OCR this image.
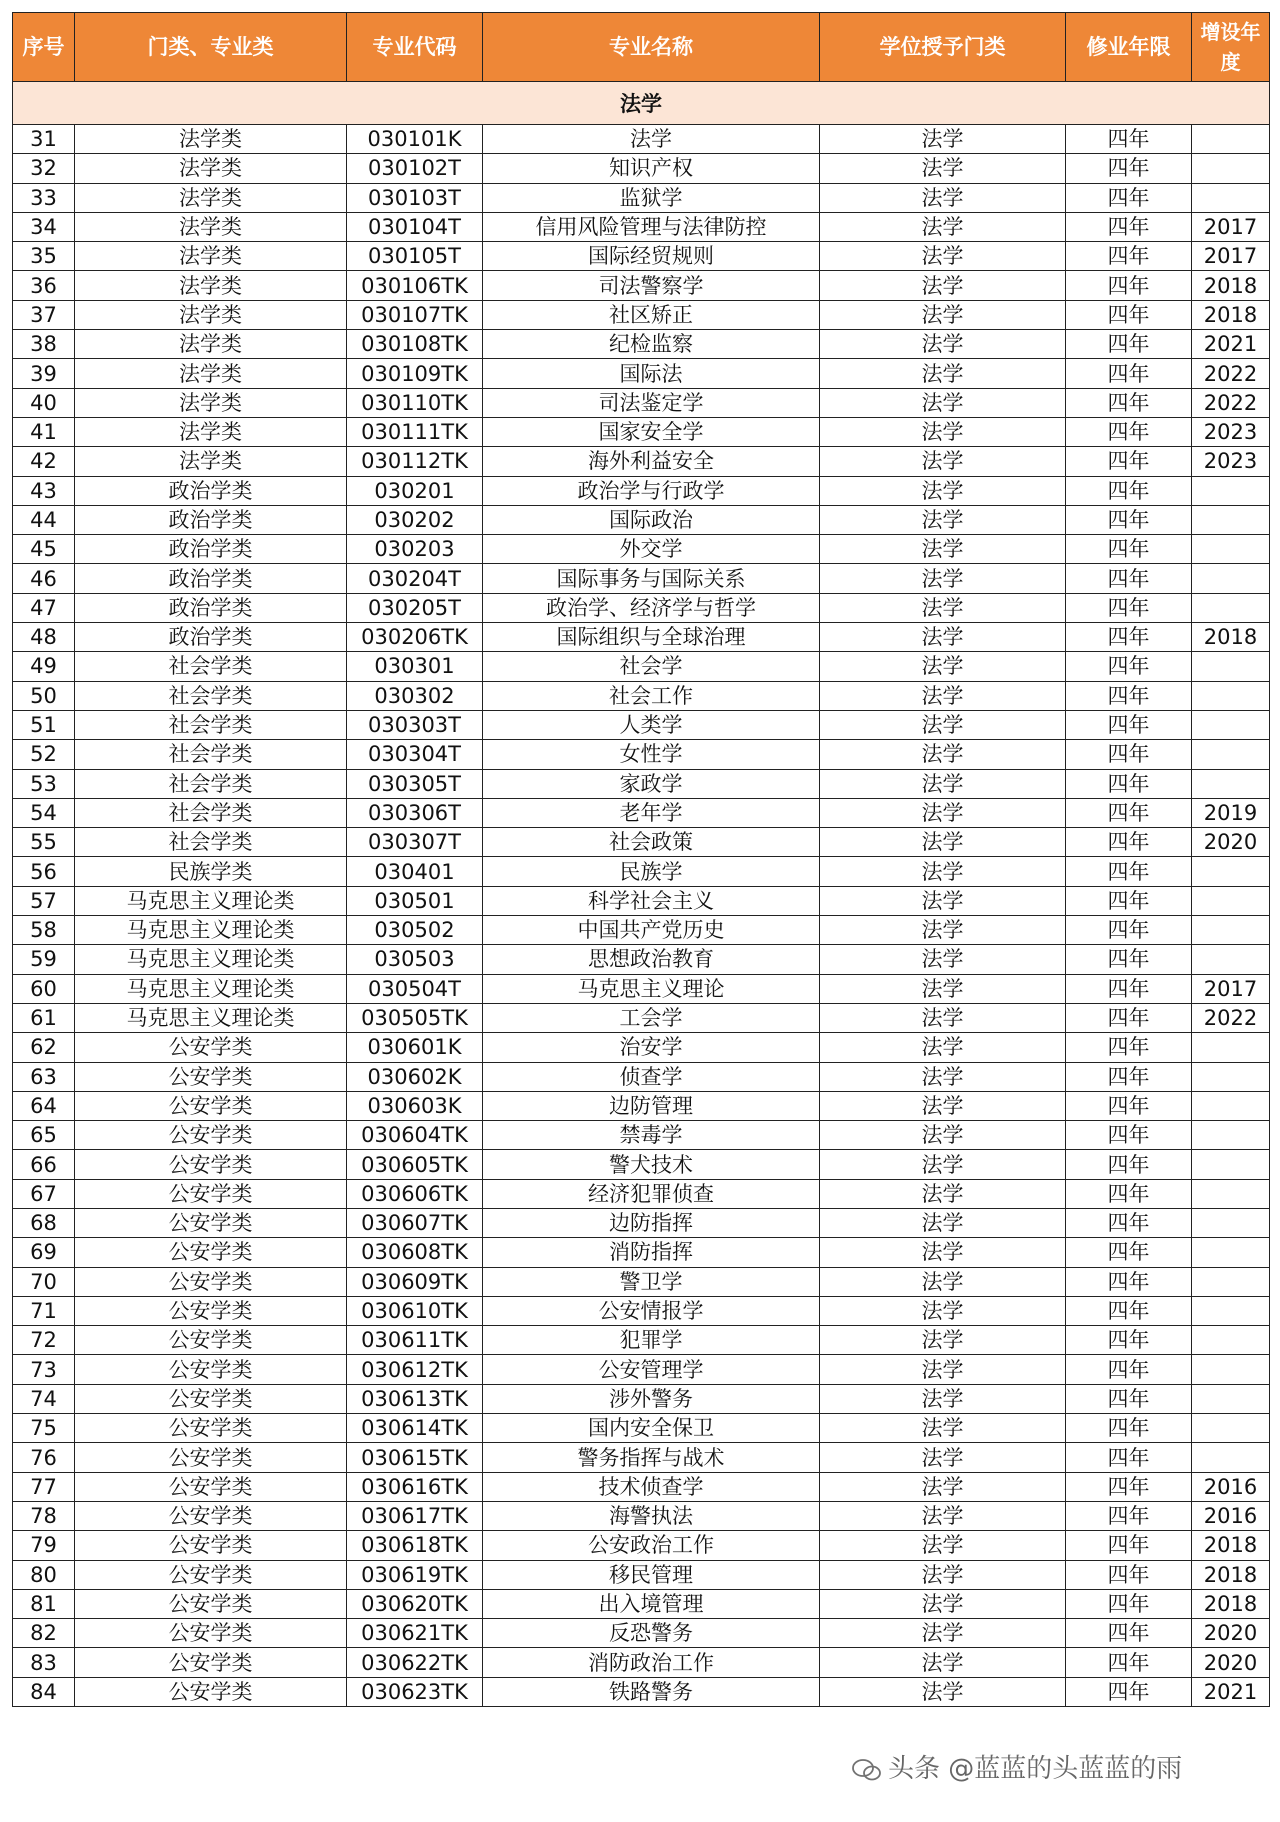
序号	门类、专业类	专业代码	专业名称	学位授予门类	修业年限	增设年度
法学						
31	法学类	030101K	法学	法学	四年	
32	法学类	030102T	知识产权	法学	四年	
33	法学类	030103T	监狱学	法学	四年	
34	法学类	030104T	信用风险管理与法律防控	法学	四年	2017
35	法学类	030105T	国际经贸规则	法学	四年	2017
36	法学类	030106TK	司法警察学	法学	四年	2018
37	法学类	030107TK	社区矫正	法学	四年	2018
38	法学类	030108TK	纪检监察	法学	四年	2021
39	法学类	030109TK	国际法	法学	四年	2022
40	法学类	030110TK	司法鉴定学	法学	四年	2022
41	法学类	030111TK	国家安全学	法学	四年	2023
42	法学类	030112TK	海外利益安全	法学	四年	2023
43	政治学类	030201	政治学与行政学	法学	四年	
44	政治学类	030202	国际政治	法学	四年	
45	政治学类	030203	外交学	法学	四年	
46	政治学类	030204T	国际事务与国际关系	法学	四年	
47	政治学类	030205T	政治学、经济学与哲学	法学	四年	
48	政治学类	030206TK	国际组织与全球治理	法学	四年	2018
49	社会学类	030301	社会学	法学	四年	
50	社会学类	030302	社会工作	法学	四年	
51	社会学类	030303T	人类学	法学	四年	
52	社会学类	030304T	女性学	法学	四年	
53	社会学类	030305T	家政学	法学	四年	
54	社会学类	030306T	老年学	法学	四年	2019
55	社会学类	030307T	社会政策	法学	四年	2020
56	民族学类	030401	民族学	法学	四年	
57	马克思主义理论类	030501	科学社会主义	法学	四年	
58	马克思主义理论类	030502	中国共产党历史	法学	四年	
59	马克思主义理论类	030503	思想政治教育	法学	四年	
60	马克思主义理论类	030504T	马克思主义理论	法学	四年	2017
61	马克思主义理论类	030505TK	工会学	法学	四年	2022
62	公安学类	030601K	治安学	法学	四年	
63	公安学类	030602K	侦查学	法学	四年	
64	公安学类	030603K	边防管理	法学	四年	
65	公安学类	030604TK	禁毒学	法学	四年	
66	公安学类	030605TK	警犬技术	法学	四年	
67	公安学类	030606TK	经济犯罪侦查	法学	四年	
68	公安学类	030607TK	边防指挥	法学	四年	
69	公安学类	030608TK	消防指挥	法学	四年	
70	公安学类	030609TK	警卫学	法学	四年	
71	公安学类	030610TK	公安情报学	法学	四年	
72	公安学类	030611TK	犯罪学	法学	四年	
73	公安学类	030612TK	公安管理学	法学	四年	
74	公安学类	030613TK	涉外警务	法学	四年	
75	公安学类	030614TK	国内安全保卫	法学	四年	
76	公安学类	030615TK	警务指挥与战术	法学	四年	
77	公安学类	030616TK	技术侦查学	法学	四年	2016
78	公安学类	030617TK	海警执法	法学	四年	2016
79	公安学类	030618TK	公安政治工作	法学	四年	2018
80	公安学类	030619TK	移民管理	法学	四年	2018
81	公安学类	030620TK	出入境管理	法学	四年	2018
82	公安学类	030621TK	反恐警务	法学	四年	2020
83	公安学类	030622TK	消防政治工作	法学	四年	2020
84	公安学类	030623TK	铁路警务	法学	四年	2021
头条 @蓝蓝的头蓝蓝的雨
